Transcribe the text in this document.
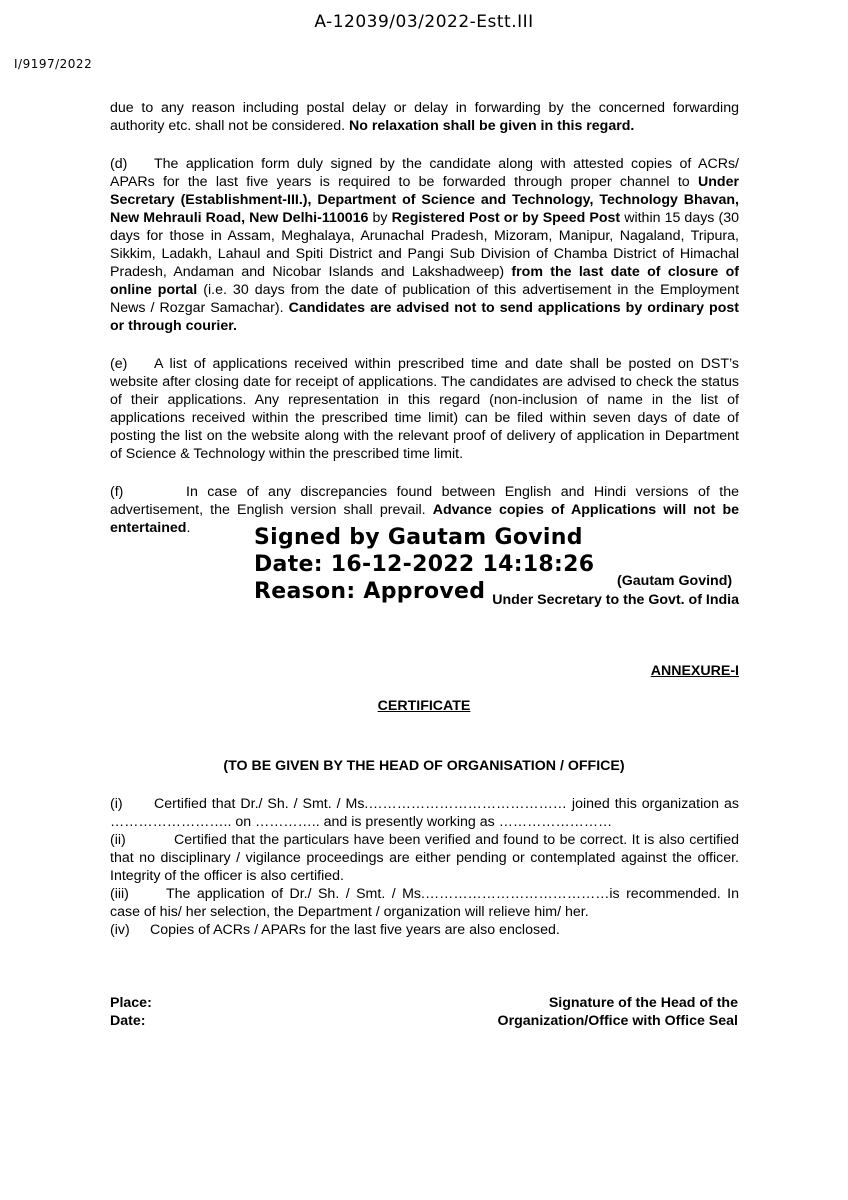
A-12039/03/2022-Estt.III
I/9197/2022
due to any reason including postal delay or delay in forwarding by the concerned forwarding authority etc. shall not be considered. No relaxation shall be given in this regard.
(d) The application form duly signed by the candidate along with attested copies of ACRs/ APARs for the last five years is required to be forwarded through proper channel to Under Secretary (Establishment-III.), Department of Science and Technology, Technology Bhavan, New Mehrauli Road, New Delhi-110016 by Registered Post or by Speed Post within 15 days (30 days for those in Assam, Meghalaya, Arunachal Pradesh, Mizoram, Manipur, Nagaland, Tripura, Sikkim, Ladakh, Lahaul and Spiti District and Pangi Sub Division of Chamba District of Himachal Pradesh, Andaman and Nicobar Islands and Lakshadweep) from the last date of closure of online portal (i.e. 30 days from the date of publication of this advertisement in the Employment News / Rozgar Samachar). Candidates are advised not to send applications by ordinary post or through courier.
(e) A list of applications received within prescribed time and date shall be posted on DST’s website after closing date for receipt of applications. The candidates are advised to check the status of their applications. Any representation in this regard (non-inclusion of name in the list of applications received within the prescribed time limit) can be filed within seven days of date of posting the list on the website along with the relevant proof of delivery of application in Department of Science & Technology within the prescribed time limit.
(f)	In case of any discrepancies found between English and Hindi versions of the advertisement, the English version shall prevail. Advance copies of Applications will not be entertained.	Signed by Gautam Govind
Date: 16-12-2022 14:18:26
Reason: Approved	(Gautam Govind)
Under Secretary to the Govt. of India
ANNEXURE-I
CERTIFICATE
(TO BE GIVEN BY THE HEAD OF ORGANISATION / OFFICE)
(i) Certified that Dr./ Sh. / Smt. / Ms.…………………………………… joined this organization as …………………….. on ………….. and is presently working as ……………………
(ii)	Certified that the particulars have been verified and found to be correct. It is also certified that no disciplinary / vigilance proceedings are either pending or contemplated against the officer. Integrity of the officer is also certified.
(iii)	The application of Dr./ Sh. / Smt. / Ms.…………………………………is recommended. In case of his/ her selection, the Department / organization will relieve him/ her.
(iv) Copies of ACRs / APARs for the last five years are also enclosed.
Place:
Date:
Signature of the Head of the
Organization/Office with Office Seal
